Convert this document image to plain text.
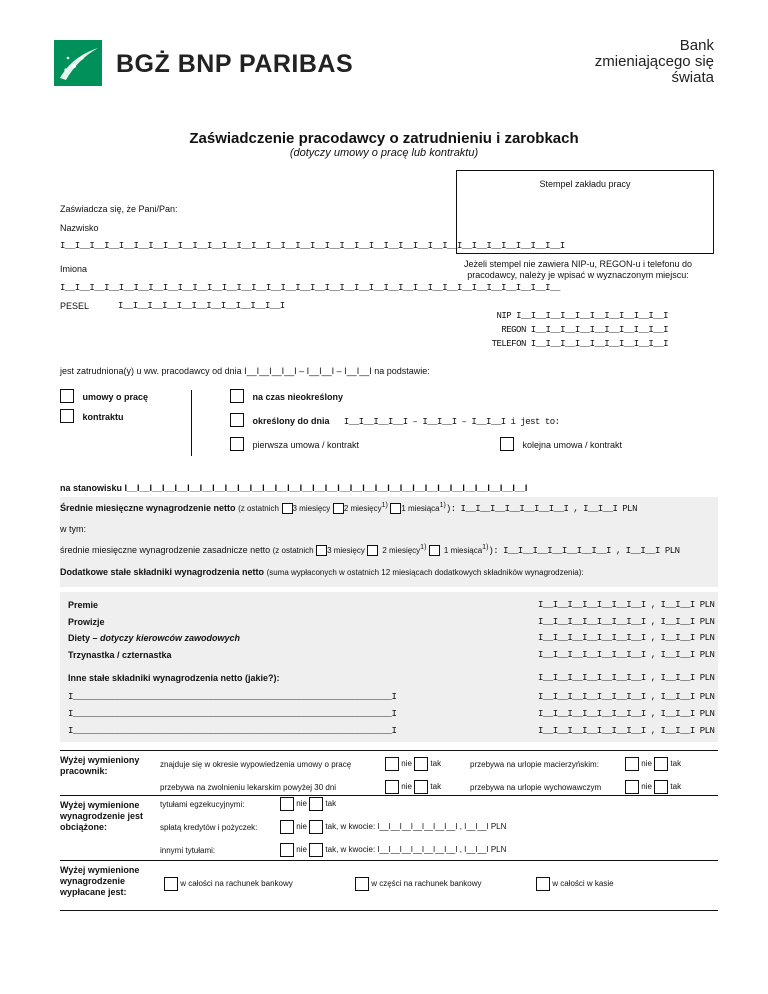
BGŻ BNP PARIBAS
Bank
zmieniającego się
świata
Zaświadczenie pracodawcy o zatrudnieniu i zarobkach
(dotyczy umowy o pracę lub kontraktu)
Stempel zakładu pracy
Jeżeli stempel nie zawiera NIP-u, REGON-u i telefonu do pracodawcy, należy je wpisać w wyznaczonym miejscu:
NIP I__I__I__I__I__I__I__I__I__I__I
REGON I__I__I__I__I__I__I__I__I__I
TELEFON I__I__I__I__I__I__I__I__I__I
Zaświadcza się, że Pani/Pan:
Nazwisko
I__I__I__I__I__I__I__I__I__I__I__I__I__I__I__I__I__I__I__I__I__I__I__I__I__I__I__I__I__I__I__I__I__I__I
Imiona
I__I__I__I__I__I__I__I__I__I__I__I__I__I__I__I__I__I__I__I__I__I__I__I__I__I__I__I__I__I__I__I__I__I__
PESEL	I__I__I__I__I__I__I__I__I__I__I__I
jest zatrudniona(y) u ww. pracodawcy od dnia I__I__I__I__I – I__I__I – I__I__I na podstawie:
umowy o pracę
kontraktu
na czas nieokreślony
określony do dnia I__I__I__I__I – I__I__I – I__I__I i jest to:
pierwsza umowa / kontrakt	kolejna umowa / kontrakt
na stanowisku I__I__I__I__I__I__I__I__I__I__I__I__I__I__I__I__I__I__I__I__I__I__I__I__I__I__I__I__I__I__I__I__I
Średnie miesięczne wynagrodzenie netto (z ostatnich 3 miesięcy 2 miesięcy$^{1)}$ 1 miesiąca$^{1)}$): I__I__I__I__I__I__I__I , I__I__I PLN
w tym:
średnie miesięczne wynagrodzenie zasadnicze netto (z ostatnich 3 miesięcy 2 miesięcy$^{1)}$ 1 miesiąca$^{1)}$): I__I__I__I__I__I__I__I , I__I__I PLN
Dodatkowe stałe składniki wynagrodzenia netto (suma wypłaconych w ostatnich 12 miesiącach dodatkowych składników wynagrodzenia):
Premie	I__I__I__I__I__I__I__I , I__I__I PLN
Prowizje	I__I__I__I__I__I__I__I , I__I__I PLN
Diety – dotyczy kierowców zawodowych	I__I__I__I__I__I__I__I , I__I__I PLN
Trzynastka / czternastka	I__I__I__I__I__I__I__I , I__I__I PLN
Inne stałe składniki wynagrodzenia netto (jakie?):	I__I__I__I__I__I__I__I , I__I__I PLN
I_________________________________________________________________I	I__I__I__I__I__I__I__I , I__I__I PLN
I_________________________________________________________________I	I__I__I__I__I__I__I__I , I__I__I PLN
I_________________________________________________________________I	I__I__I__I__I__I__I__I , I__I__I PLN
Wyżej wymieniony pracownik:
znajduje się w okresie wypowiedzenia umowy o pracę	nie tak	przebywa na urlopie macierzyńskim:	nie tak
przebywa na zwolnieniu lekarskim powyżej 30 dni	nie tak	przebywa na urlopie wychowawczym	nie tak
Wyżej wymienione wynagrodzenie jest obciążone:
tytułami egzekucyjnymi:	nie tak
spłatą kredytów i pożyczek:	nie tak, w kwocie: I__I__I__I__I__I__I__I , I__I__I PLN
innymi tytułami:	nie tak, w kwocie: I__I__I__I__I__I__I__I , I__I__I PLN
Wyżej wymienione wynagrodzenie wypłacane jest:
w całości na rachunek bankowy	w części na rachunek bankowy	w całości w kasie
